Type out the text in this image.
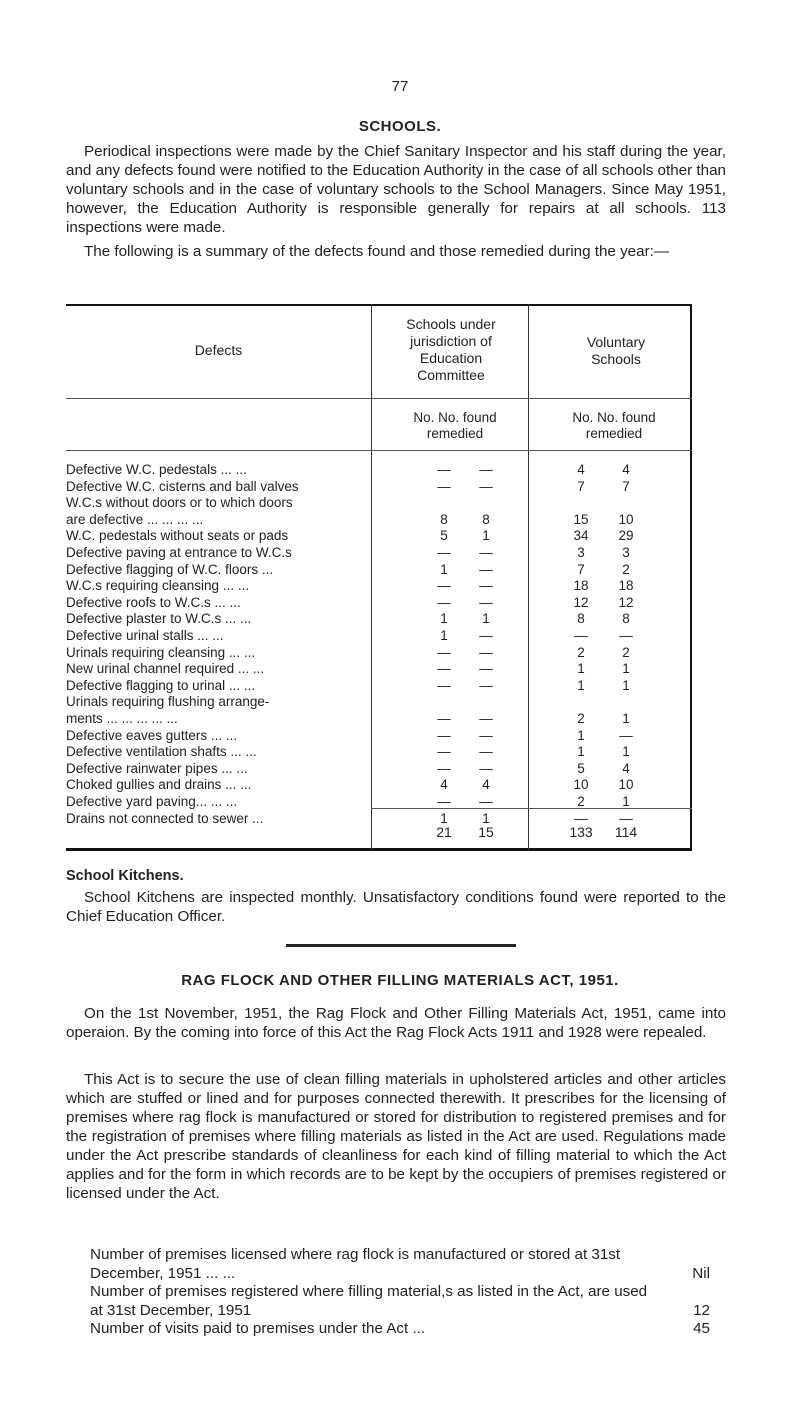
77
SCHOOLS.
Periodical inspections were made by the Chief Sanitary Inspector and his staff during the year, and any defects found were notified to the Education Authority in the case of all schools other than voluntary schools and in the case of voluntary schools to the School Managers. Since May 1951, however, the Education Authority is responsible generally for repairs at all schools. 113 inspections were made.
The following is a summary of the defects found and those remedied during the year:—
Defects
Schools under jurisdiction of Education Committee
Voluntary Schools
No. No. found remedied
No. No. found remedied
Defective W.C. pedestals ... ...	—	—	4	4
Defective W.C. cisterns and ball valves	—	—	7	7
W.C.s without doors or to which doors
are defective ... ... ... ...	8	8	15	10
W.C. pedestals without seats or pads	5	1	34	29
Defective paving at entrance to W.C.s	—	—	3	3
Defective flagging of W.C. floors ...	1	—	7	2
W.C.s requiring cleansing ... ...	—	—	18	18
Defective roofs to W.C.s ... ...	—	—	12	12
Defective plaster to W.C.s ... ...	1	1	8	8
Defective urinal stalls ... ...	1	—	—	—
Urinals requiring cleansing ... ...	—	—	2	2
New urinal channel required ... ...	—	—	1	1
Defective flagging to urinal ... ...	—	—	1	1
Urinals requiring flushing arrange-
ments ... ... ... ... ...	—	—	2	1
Defective eaves gutters ... ...	—	—	1	—
Defective ventilation shafts ... ...	—	—	1	1
Defective rainwater pipes ... ...	—	—	5	4
Choked gullies and drains ... ...	4	4	10	10
Defective yard paving... ... ...	—	—	2	1
Drains not connected to sewer ...	1	1	—	—
21	15	133	114
School Kitchens.
School Kitchens are inspected monthly. Unsatisfactory conditions found were reported to the Chief Education Officer.
RAG FLOCK AND OTHER FILLING MATERIALS ACT, 1951.
On the 1st November, 1951, the Rag Flock and Other Filling Materials Act, 1951, came into operaion. By the coming into force of this Act the Rag Flock Acts 1911 and 1928 were repealed.
This Act is to secure the use of clean filling materials in upholstered articles and other articles which are stuffed or lined and for purposes connected therewith. It prescribes for the licensing of premises where rag flock is manufactured or stored for distribution to registered premises and for the registration of premises where filling materials as listed in the Act are used. Regulations made under the Act prescribe standards of cleanliness for each kind of filling material to which the Act applies and for the form in which records are to be kept by the occupiers of premises registered or licensed under the Act.
Number of premises licensed where rag flock is manufactured or stored at 31st December, 1951 ... ...	Nil
Number of premises registered where filling material,s as listed in the Act, are used at 31st December, 1951	12
Number of visits paid to premises under the Act ...	45
